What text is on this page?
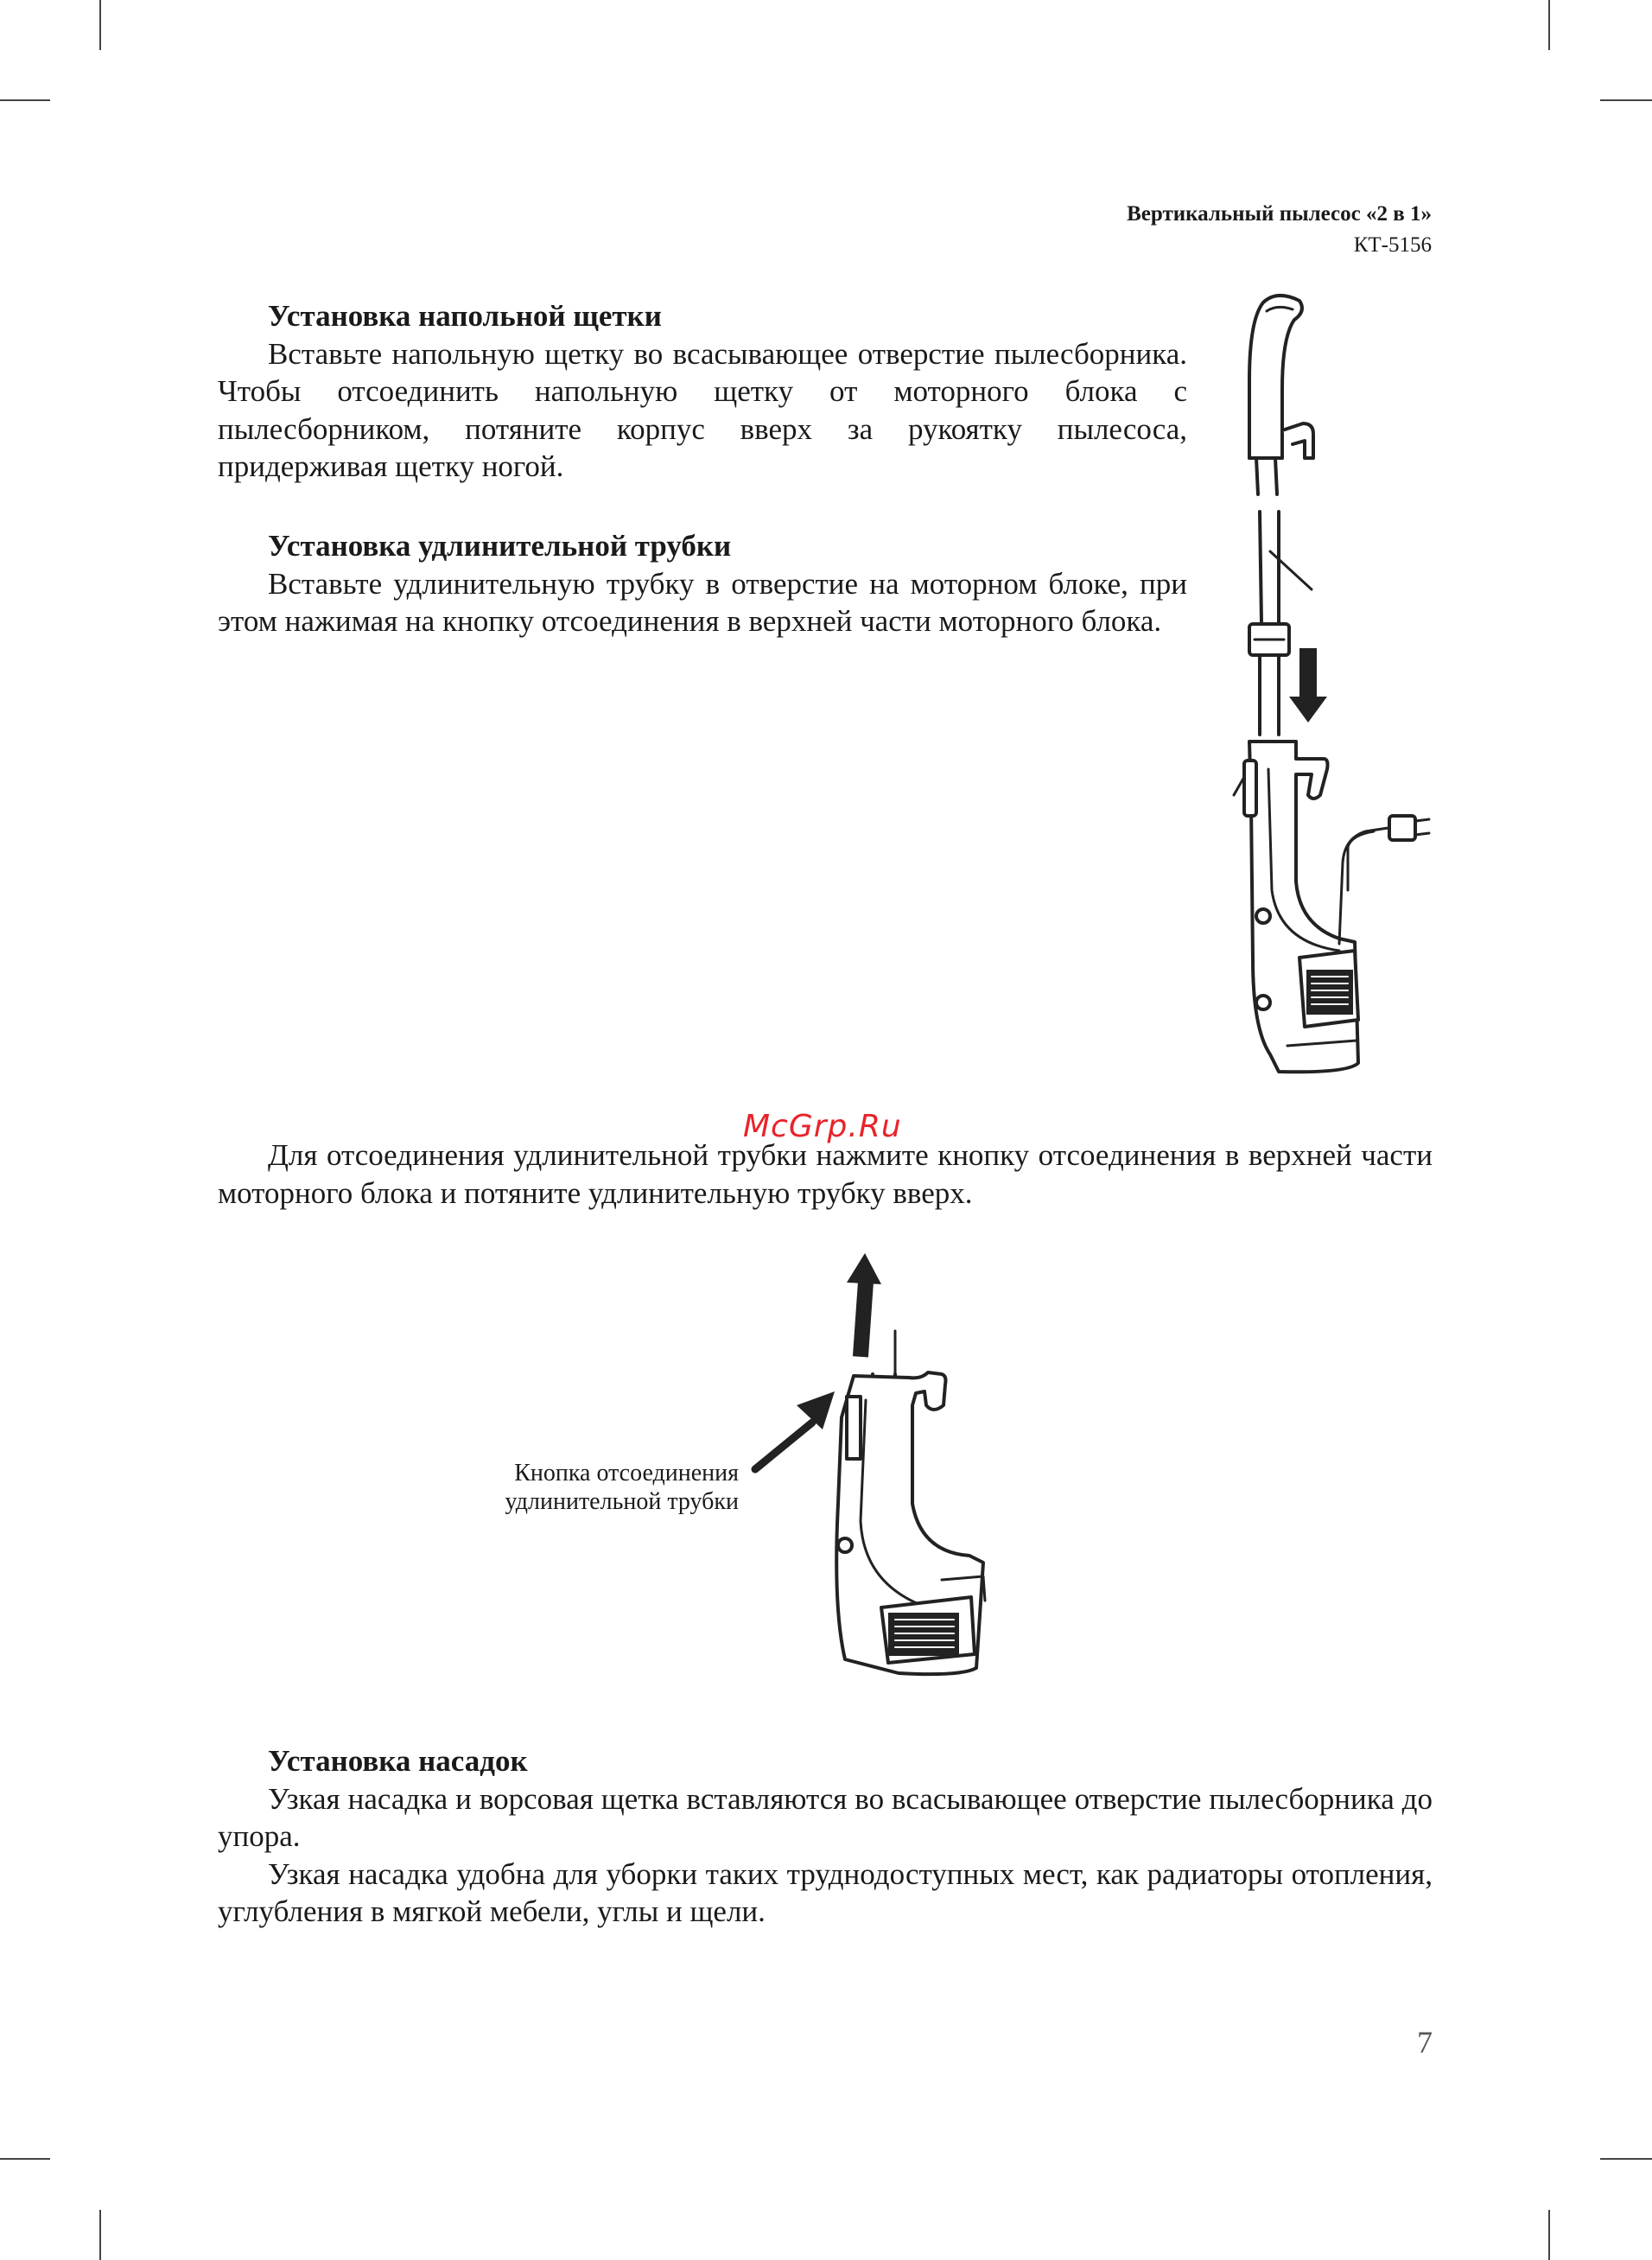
Вертикальный пылесос «2 в 1»
КТ-5156
Установка напольной щетки
Вставьте напольную щетку во всасывающее отверстие пылесборника. Чтобы отсоединить напольную щетку от моторного блока с пылесборником, потяните корпус вверх за рукоятку пылесоса, придерживая щетку ногой.
Установка удлинительной трубки
Вставьте удлинительную трубку в отверстие на моторном блоке, при этом нажимая на кнопку отсоединения в верхней части моторного блока.
McGrp.Ru
Для отсоединения удлинительной трубки нажмите кнопку отсоединения в верхней части моторного блока и потяните удлинительную трубку вверх.
Кнопка отсоединения
удлинительной трубки
Установка насадок
Узкая насадка и ворсовая щетка вставляются во всасывающее отверстие пылесборника до упора.
Узкая насадка удобна для уборки таких труднодоступных мест, как радиаторы отопления, углубления в мягкой мебели, углы и щели.
7
